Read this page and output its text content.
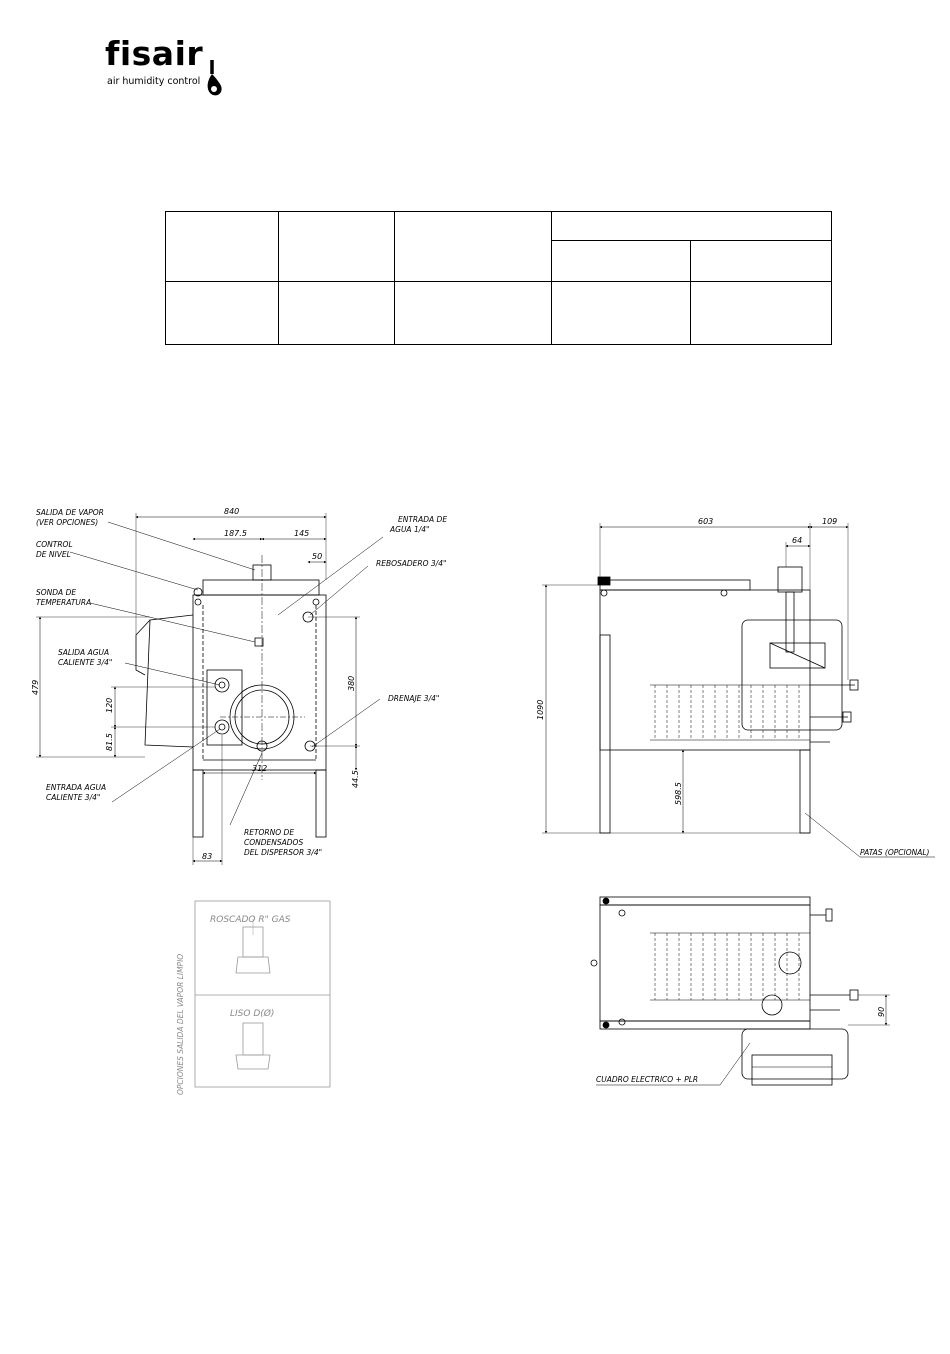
fisair
air humidity control

SALIDA DE VAPOR
(VER OPCIONES)
CONTROL
DE NIVEL
SONDA DE
TEMPERATURA
SALIDA AGUA
CALIENTE 3/4"
ENTRADA AGUA
CALIENTE 3/4"
ENTRADA DE
AGUA 1/4"
REBOSADERO 3/4"
DRENAJE 3/4"
RETORNO DE
CONDENSADOS
DEL DISPERSOR 3/4"
840
187.5	145
50
479	380
120
81.5
312
44.5
83
603	109
64
1090
598.5
PATAS (OPCIONAL)
OPCIONES SALIDA DEL VAPOR LIMPIO
ROSCADO R" GAS
LISO D(Ø)	90
CUADRO ELECTRICO + PLR
